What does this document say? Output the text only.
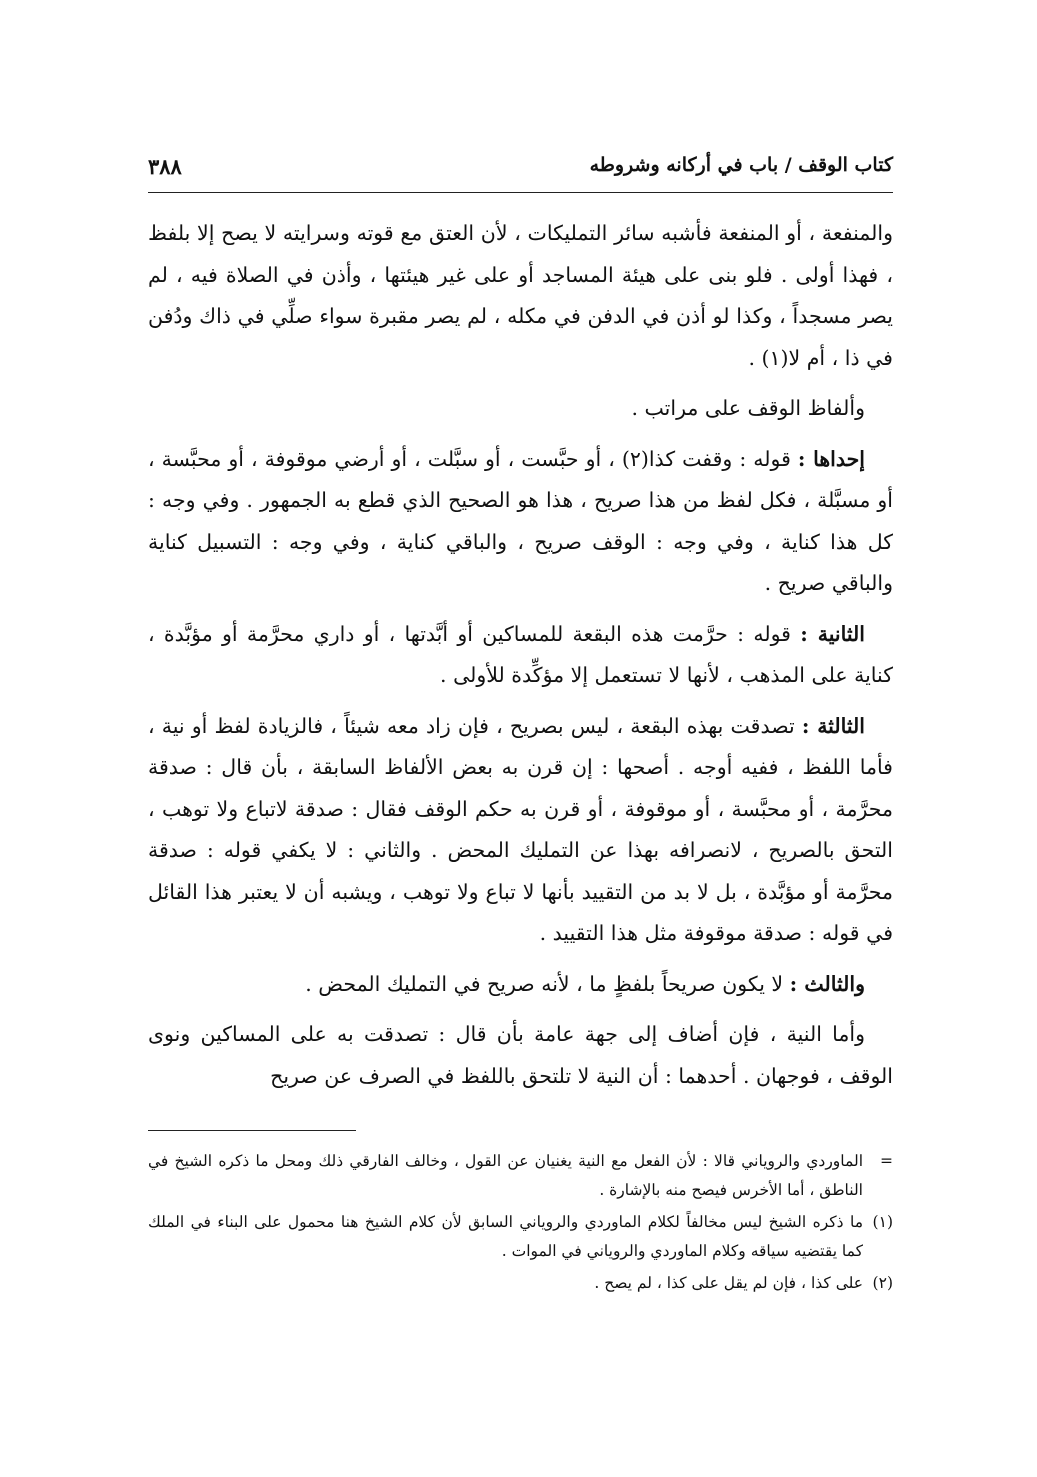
كتاب الوقف / باب في أركانه وشروطه
٣٨٨

والمنفعة ، أو المنفعة فأشبه سائر التمليكات ، لأن العتق مع قوته وسرايته لا يصح إلا بلفظ ، فهذا أولى . فلو بنى على هيئة المساجد أو على غير هيئتها ، وأذن في الصلاة فيه ، لم يصر مسجداً ، وكذا لو أذن في الدفن في مكله ، لم يصر مقبرة سواء صلِّي في ذاك ودُفن في ذا ، أم لا(١) .

وألفاظ الوقف على مراتب .

إحداها : قوله : وقفت كذا(٢) ، أو حبَّست ، أو سبَّلت ، أو أرضي موقوفة ، أو محبَّسة ، أو مسبَّلة ، فكل لفظ من هذا صريح ، هذا هو الصحيح الذي قطع به الجمهور . وفي وجه : كل هذا كناية ، وفي وجه : الوقف صريح ، والباقي كناية ، وفي وجه : التسبيل كناية والباقي صريح .

الثانية : قوله : حرَّمت هذه البقعة للمساكين أو أبَّدتها ، أو داري محرَّمة أو مؤبَّدة ، كناية على المذهب ، لأنها لا تستعمل إلا مؤكِّدة للأولى .

الثالثة : تصدقت بهذه البقعة ، ليس بصريح ، فإن زاد معه شيئاً ، فالزيادة لفظ أو نية ، فأما اللفظ ، ففيه أوجه . أصحها : إن قرن به بعض الألفاظ السابقة ، بأن قال : صدقة محرَّمة ، أو محبَّسة ، أو موقوفة ، أو قرن به حكم الوقف فقال : صدقة لاتباع ولا توهب ، التحق بالصريح ، لانصرافه بهذا عن التمليك المحض . والثاني : لا يكفي قوله : صدقة محرَّمة أو مؤبَّدة ، بل لا بد من التقييد بأنها لا تباع ولا توهب ، ويشبه أن لا يعتبر هذا القائل في قوله : صدقة موقوفة مثل هذا التقييد .

والثالث : لا يكون صريحاً بلفظٍ ما ، لأنه صريح في التمليك المحض .

وأما النية ، فإن أضاف إلى جهة عامة بأن قال : تصدقت به على المساكين ونوى الوقف ، فوجهان . أحدهما : أن النية لا تلتحق باللفظ في الصرف عن صريح

=
الماوردي والروياني قالا : لأن الفعل مع النية يغنيان عن القول ، وخالف الفارقي ذلك ومحل ما ذكره الشيخ في الناطق ، أما الأخرس فيصح منه بالإشارة .
(١)
ما ذكره الشيخ ليس مخالفاً لكلام الماوردي والروياني السابق لأن كلام الشيخ هنا محمول على البناء في الملك كما يقتضيه سياقه وكلام الماوردي والروياني في الموات .
(٢)
على كذا ، فإن لم يقل على كذا ، لم يصح .
